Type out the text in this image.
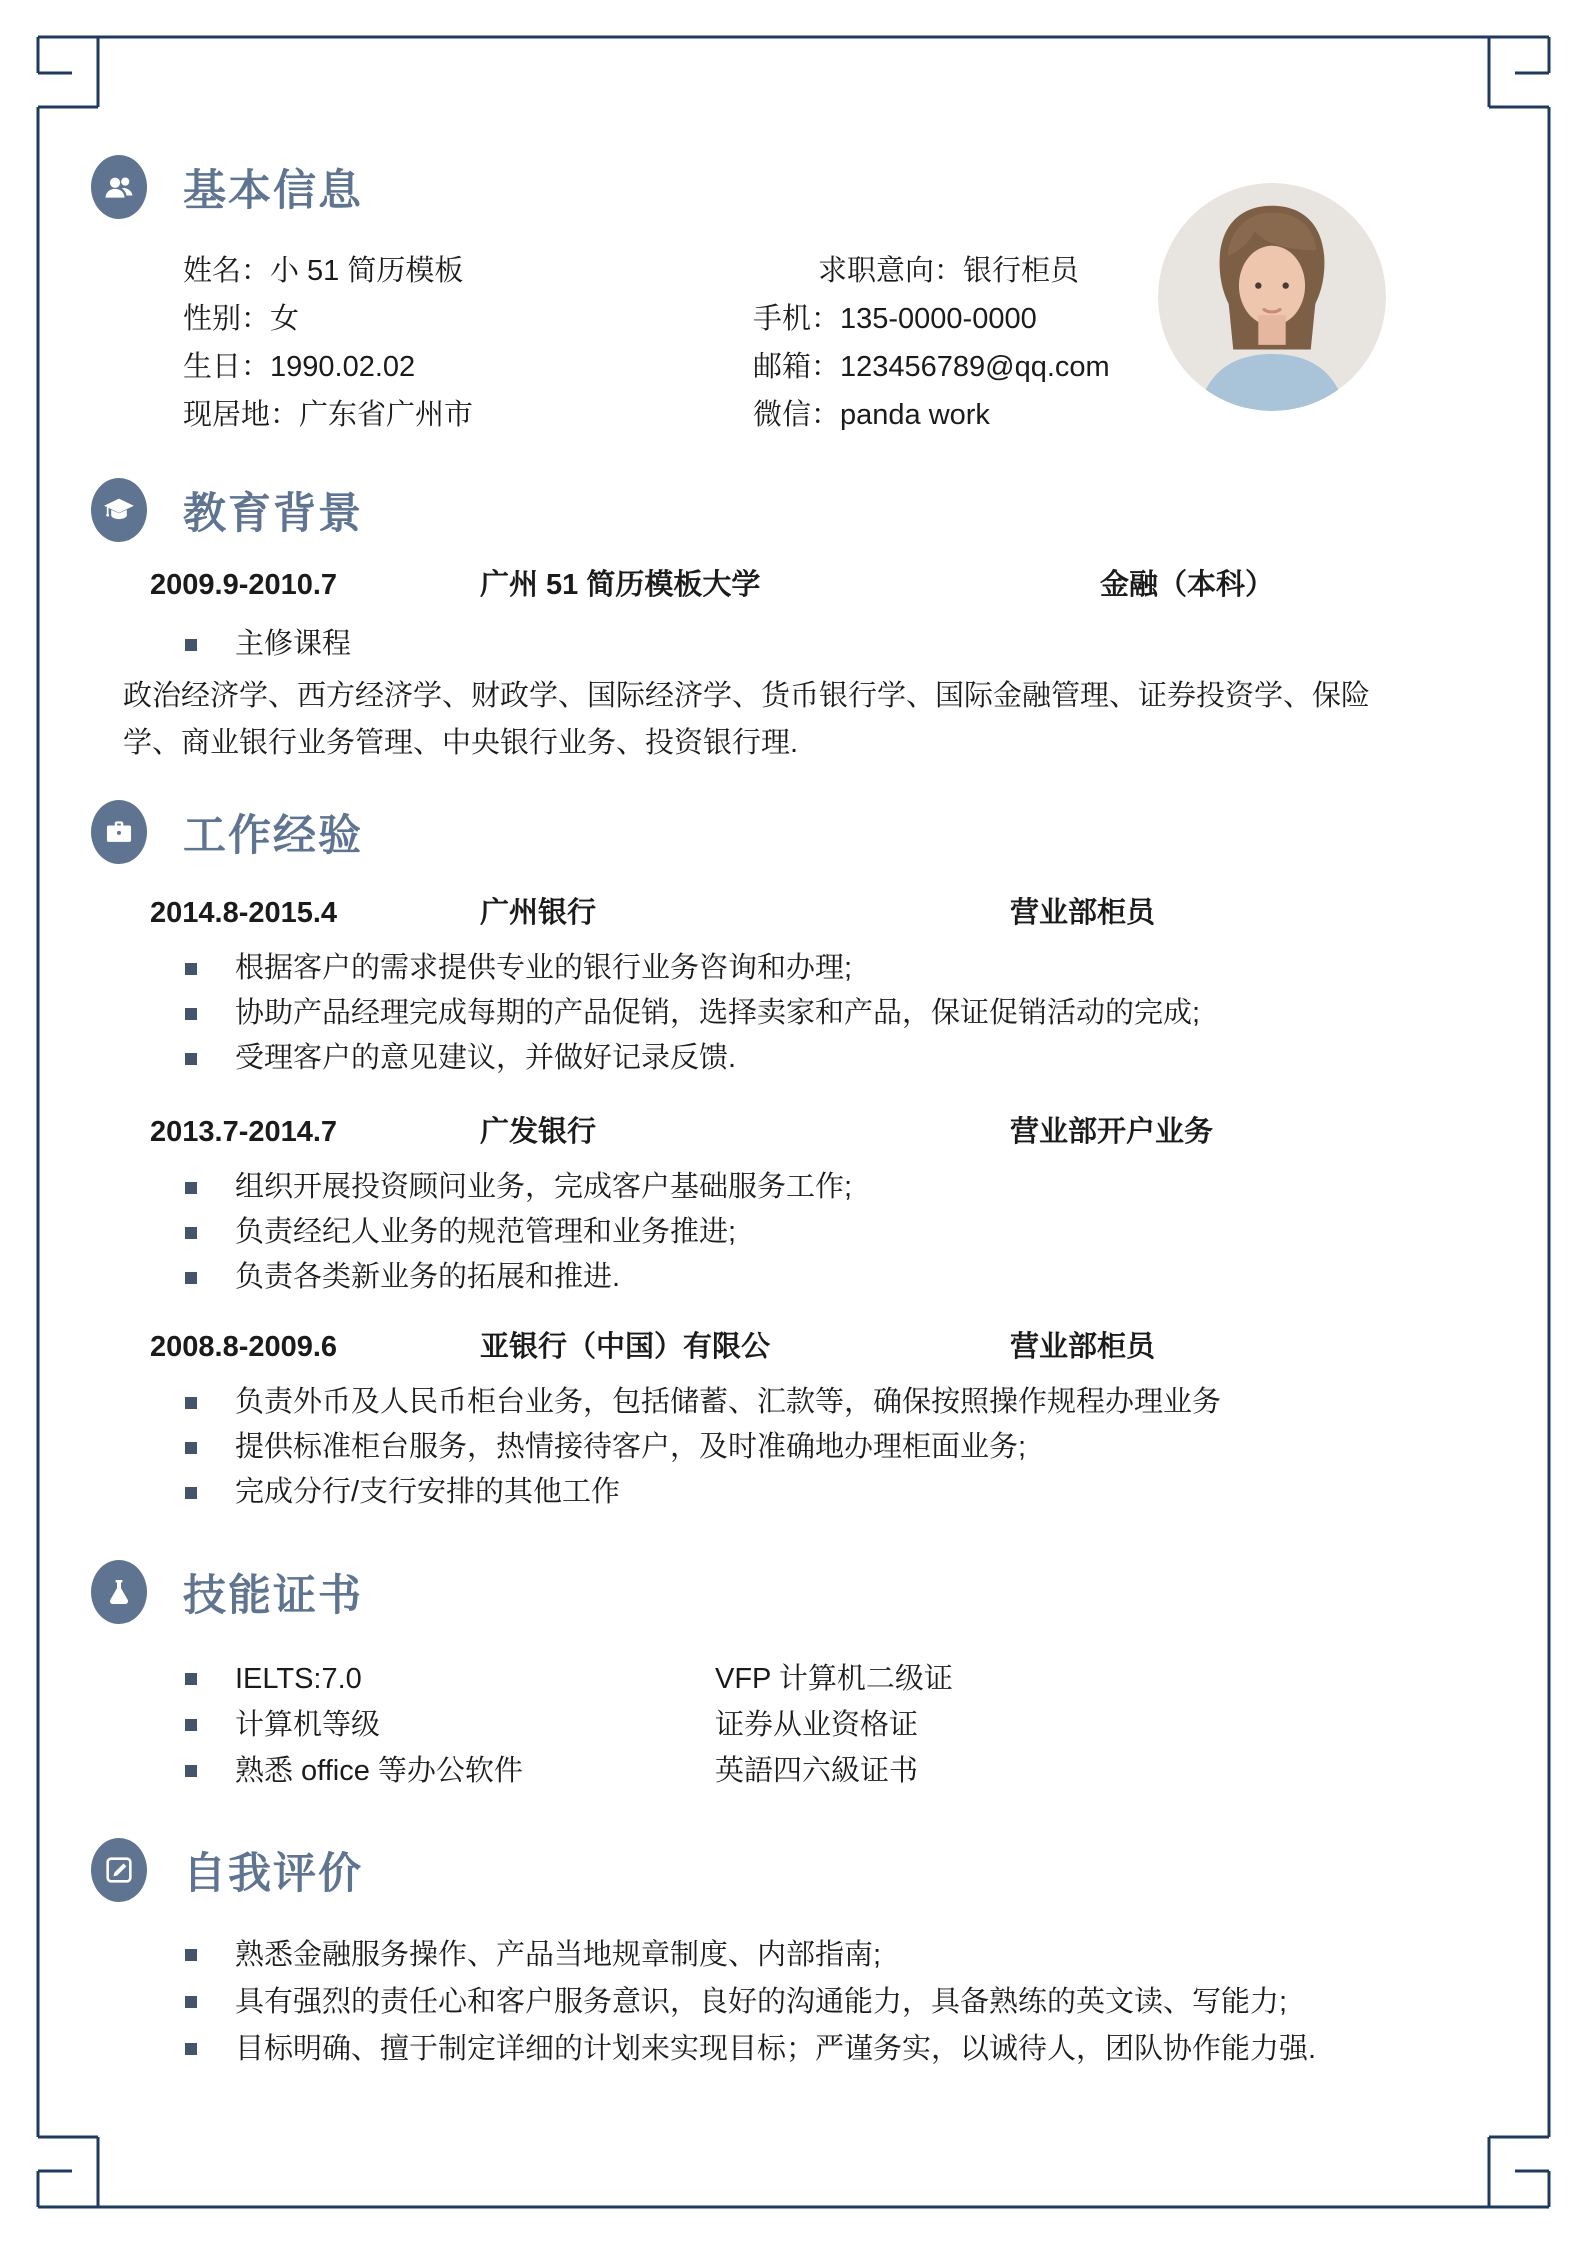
基本信息
姓名：小 51 简历模板	求职意向：银行柜员
性别：女	手机：135-0000-0000
生日：1990.02.02	邮箱：123456789@qq.com
现居地：广东省广州市	微信：panda work
教育背景
2009.9-2010.7	广州 51 简历模板大学	金融（本科）
主修课程

政治经济学、西方经济学、财政学、国际经济学、货币银行学、国际金融管理、证券投资学、保险学、商业银行业务管理、中央银行业务、投资银行理.

工作经验
2014.8-2015.4	广州银行	营业部柜员
根据客户的需求提供专业的银行业务咨询和办理;
协助产品经理完成每期的产品促销，选择卖家和产品，保证促销活动的完成;
受理客户的意见建议，并做好记录反馈.
2013.7-2014.7	广发银行	营业部开户业务
组织开展投资顾问业务，完成客户基础服务工作;
负责经纪人业务的规范管理和业务推进;
负责各类新业务的拓展和推进.
2008.8-2009.6	亚银行（中国）有限公	营业部柜员
负责外币及人民币柜台业务，包括储蓄、汇款等，确保按照操作规程办理业务
提供标准柜台服务，热情接待客户，及时准确地办理柜面业务;
完成分行/支行安排的其他工作
技能证书
IELTS:7.0	VFP 计算机二级证
计算机等级	证券从业资格证
熟悉 office 等办公软件	英語四六級证书
自我评价
熟悉金融服务操作、产品当地规章制度、内部指南;
具有强烈的责任心和客户服务意识，良好的沟通能力，具备熟练的英文读、写能力;
目标明确、擅于制定详细的计划来实现目标；严谨务实，以诚待人，团队协作能力强.
